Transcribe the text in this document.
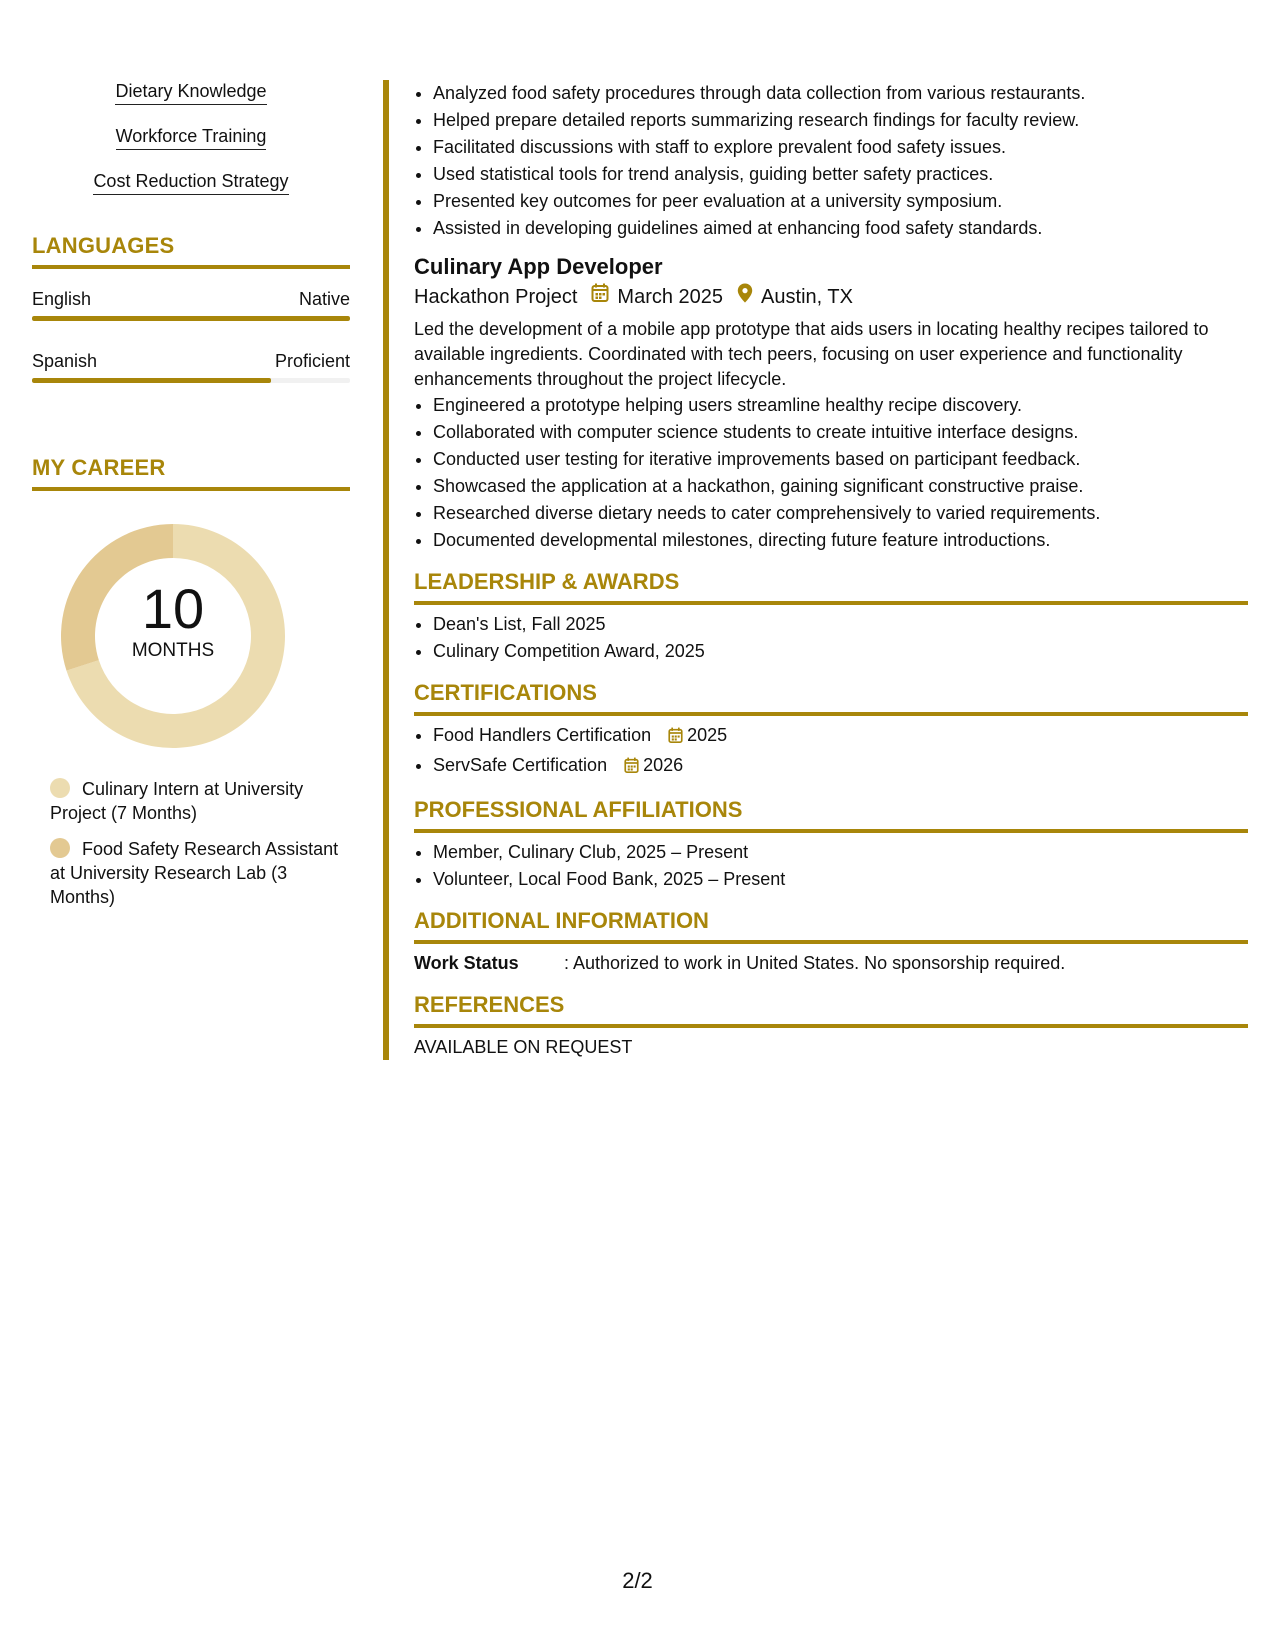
Dietary Knowledge
Workforce Training
Cost Reduction Strategy
LANGUAGES
English	Native
Spanish	Proficient
MY CAREER
10
MONTHS
Culinary Intern at University Project (7 Months)
Food Safety Research Assistant at University Research Lab (3 Months)
• Analyzed food safety procedures through data collection from various restaurants.
• Helped prepare detailed reports summarizing research findings for faculty review.
• Facilitated discussions with staff to explore prevalent food safety issues.
• Used statistical tools for trend analysis, guiding better safety practices.
• Presented key outcomes for peer evaluation at a university symposium.
• Assisted in developing guidelines aimed at enhancing food safety standards.
Culinary App Developer
Hackathon Project March 2025 Austin, TX
Led the development of a mobile app prototype that aids users in locating healthy recipes tailored to available ingredients. Coordinated with tech peers, focusing on user experience and functionality enhancements throughout the project lifecycle.
• Engineered a prototype helping users streamline healthy recipe discovery.
• Collaborated with computer science students to create intuitive interface designs.
• Conducted user testing for iterative improvements based on participant feedback.
• Showcased the application at a hackathon, gaining significant constructive praise.
• Researched diverse dietary needs to cater comprehensively to varied requirements.
• Documented developmental milestones, directing future feature introductions.
LEADERSHIP & AWARDS
• Dean's List, Fall 2025
• Culinary Competition Award, 2025
CERTIFICATIONS
• Food Handlers Certification 2025
• ServSafe Certification 2026
PROFESSIONAL AFFILIATIONS
• Member, Culinary Club, 2025 – Present
• Volunteer, Local Food Bank, 2025 – Present
ADDITIONAL INFORMATION
Work Status	: Authorized to work in United States. No sponsorship required.
REFERENCES
AVAILABLE ON REQUEST
2/2
